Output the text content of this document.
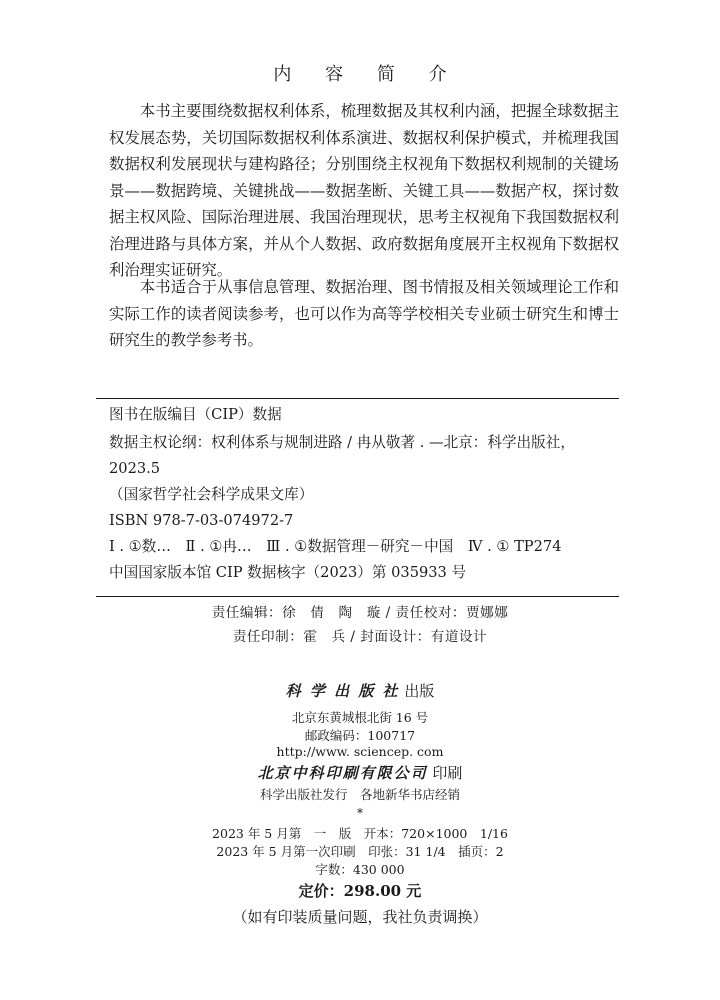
内 容 简 介

本书主要围绕数据权利体系，梳理数据及其权利内涵，把握全球数据主权发展态势，关切国际数据权利体系演进、数据权利保护模式，并梳理我国数据权利发展现状与建构路径；分别围绕主权视角下数据权利规制的关键场景——数据跨境、关键挑战——数据垄断、关键工具——数据产权，探讨数据主权风险、国际治理进展、我国治理现状，思考主权视角下我国数据权利治理进路与具体方案，并从个人数据、政府数据角度展开主权视角下数据权利治理实证研究。

本书适合于从事信息管理、数据治理、图书情报及相关领域理论工作和实际工作的读者阅读参考，也可以作为高等学校相关专业硕士研究生和博士研究生的教学参考书。

图书在版编目（CIP）数据
数据主权论纲：权利体系与规制进路 / 冉从敬著 . —北京：科学出版社，2023.5
（国家哲学社会科学成果文库）
ISBN 978-7-03-074972-7
Ⅰ . ①数…　Ⅱ . ①冉…　Ⅲ . ①数据管理－研究－中国　Ⅳ . ① TP274
中国国家版本馆 CIP 数据核字（2023）第 035933 号
责任编辑：徐　倩　陶　璇 / 责任校对：贾娜娜
责任印制：霍　兵 / 封面设计：有道设计
科 学 出 版 社 出版
北京东黄城根北街 16 号
邮政编码：100717
http://www. sciencep. com
北京中科印刷有限公司 印刷
科学出版社发行　各地新华书店经销
*
2023 年 5 月第　一　版　开本：720×1000　1/16
2023 年 5 月第一次印刷　印张：31 1/4　插页：2
字数：430 000
定价：298.00 元
（如有印装质量问题，我社负责调换）
